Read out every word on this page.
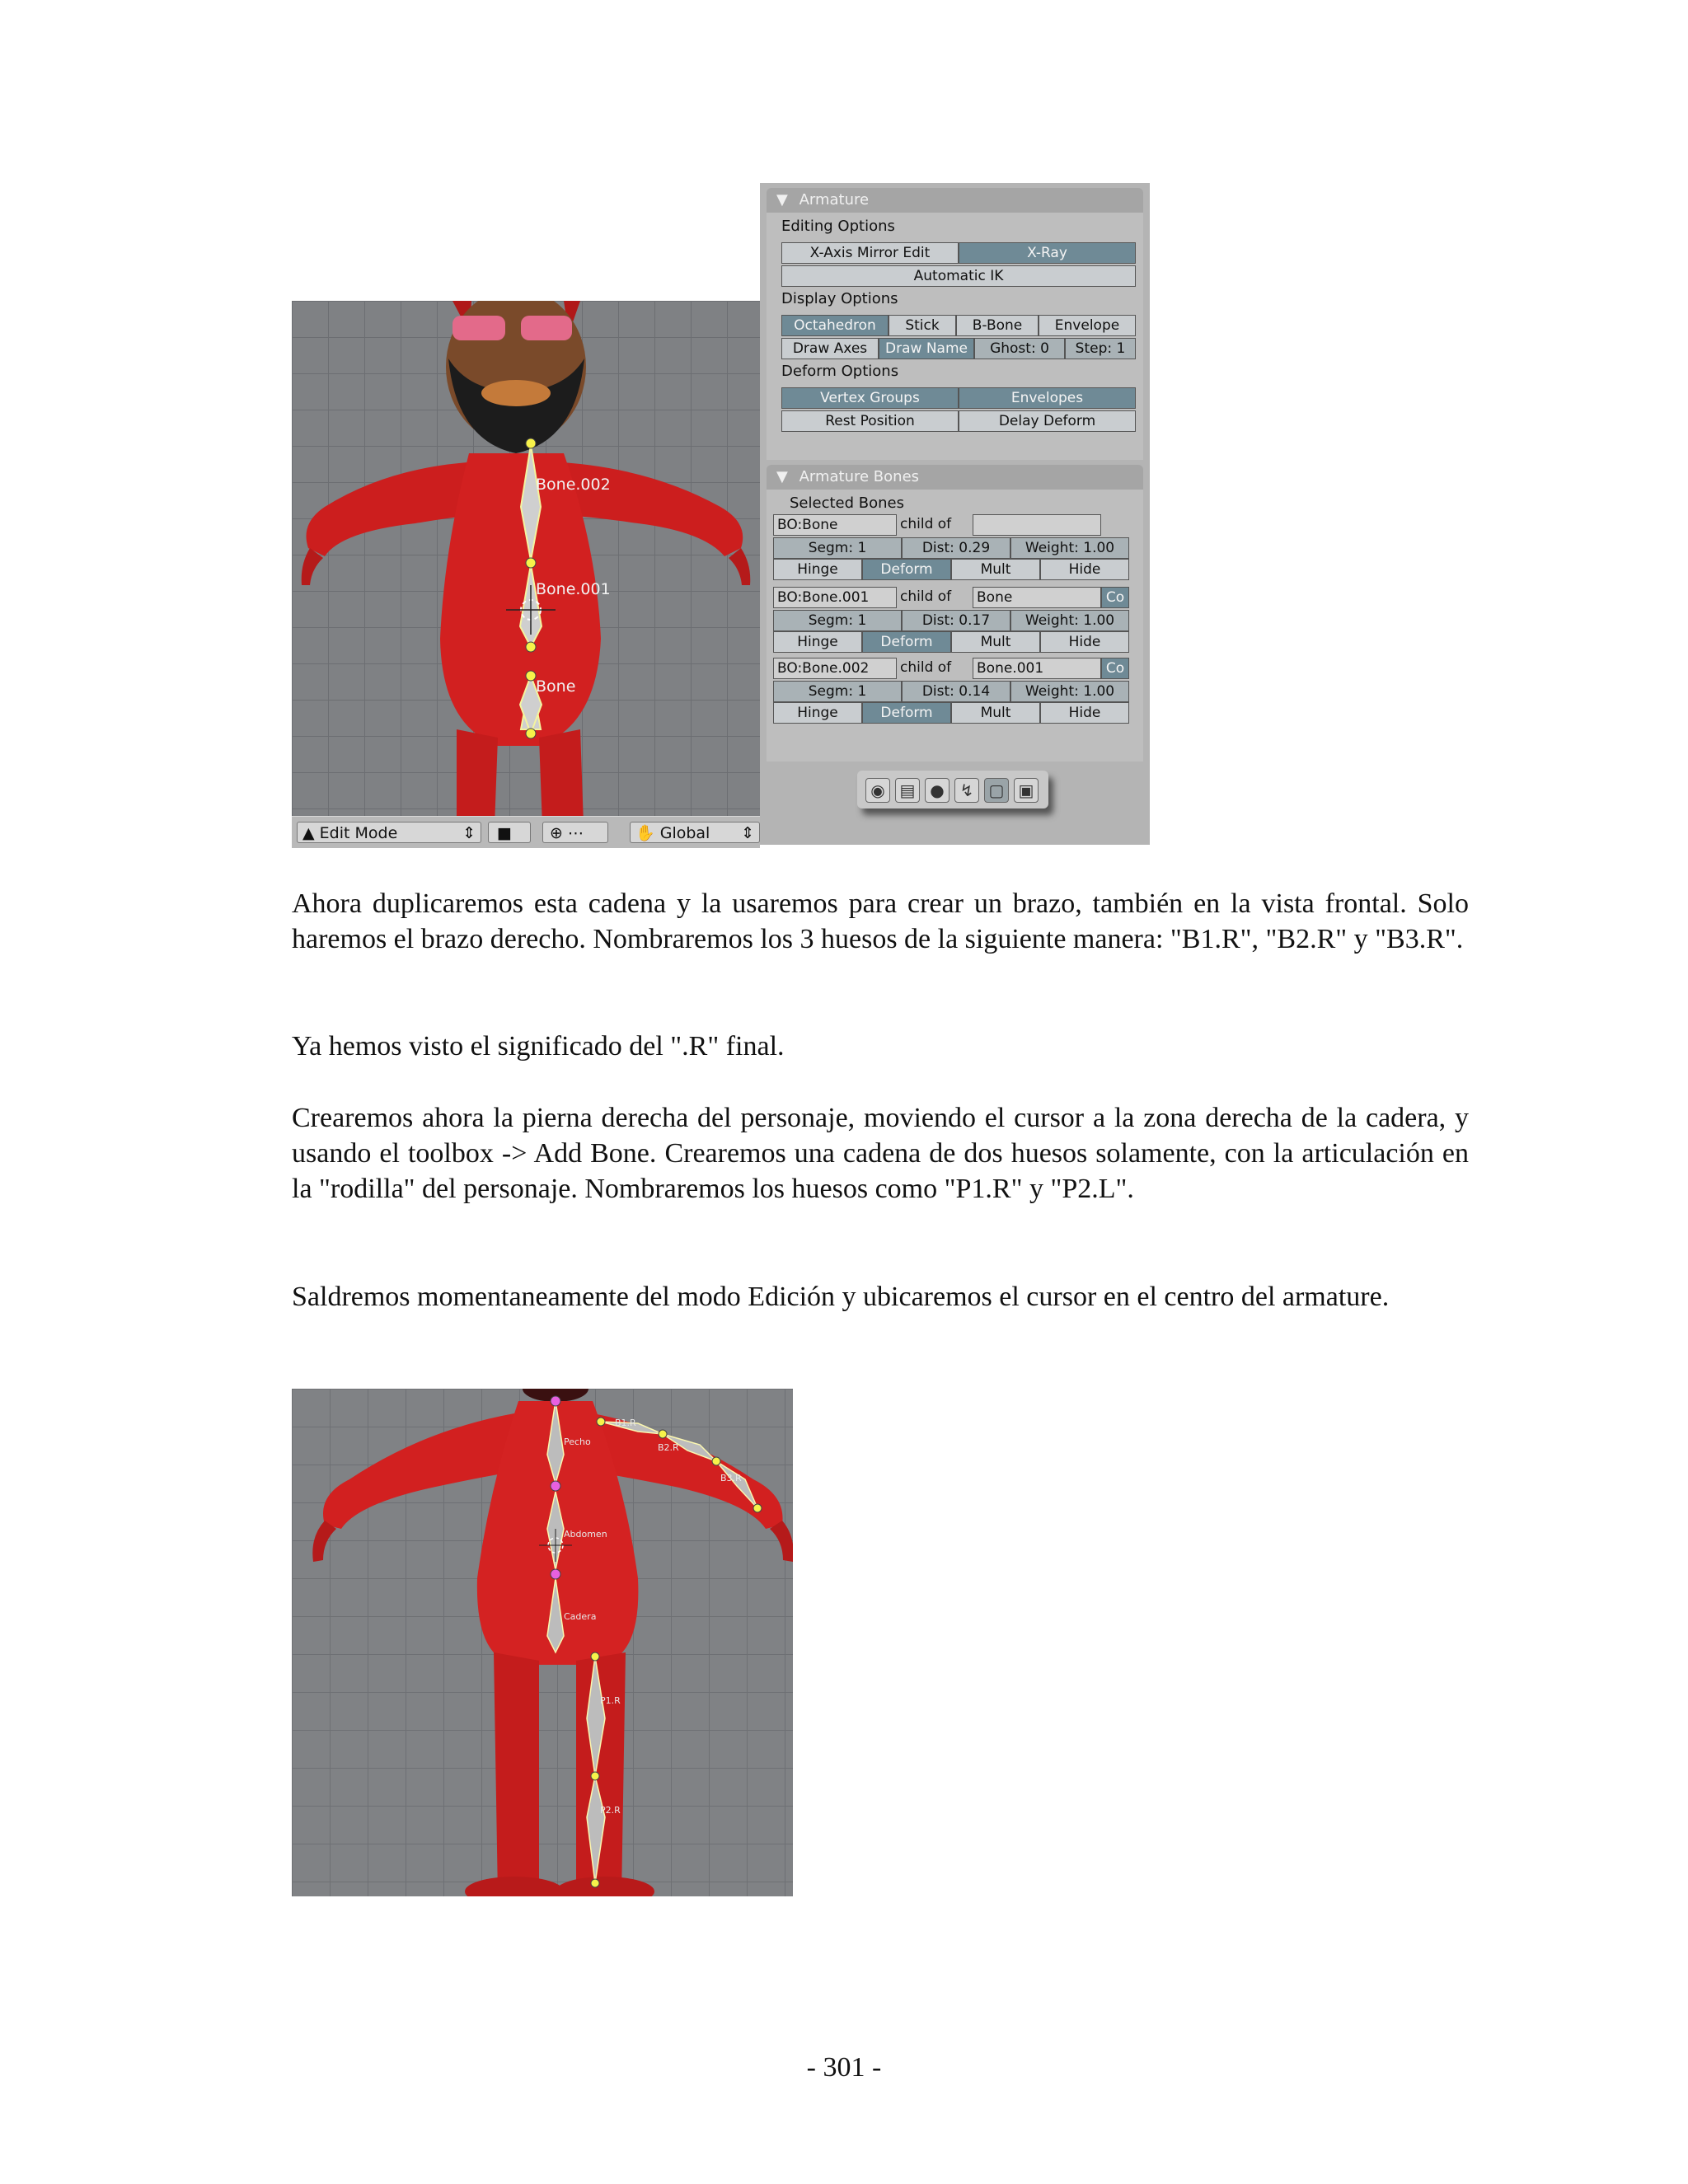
Bone.002
Bone.001
Bone
▲ Edit Mode	⇕	■	⊕ ⋯	✋ Global ⇕
▼ Armature
Editing Options
X-Axis Mirror Edit	X-Ray
Automatic IK
Display Options
Octahedron	Stick	B-Bone	Envelope
Draw Axes	Draw Name	Ghost: 0	Step: 1
Deform Options
Vertex Groups	Envelopes
Rest Position	Delay Deform
▼ Armature Bones
Selected Bones
BO:Bone	child of
Segm: 1	Dist: 0.29	Weight: 1.00
Hinge	Deform	Mult	Hide
BO:Bone.001	child of Bone	Co
Segm: 1	Dist: 0.17	Weight: 1.00
Hinge	Deform	Mult	Hide
BO:Bone.002	child of Bone.001	Co
Segm: 1	Dist: 0.14	Weight: 1.00
Hinge	Deform	Mult	Hide
◉ ▤ ● ↯ ▢ ▣

Ahora duplicaremos esta cadena y la usaremos para crear un brazo, también en la vista frontal. Solo haremos el brazo derecho. Nombraremos los 3 huesos de la siguiente manera: "B1.R", "B2.R" y "B3.R".

Ya hemos visto el significado del ".R" final.

Crearemos ahora la pierna derecha del personaje, moviendo el cursor a la zona derecha de la cadera, y usando el toolbox -> Add Bone. Crearemos una cadena de dos huesos solamente, con la articulación en la "rodilla" del personaje. Nombraremos los huesos como "P1.R" y "P2.L".

Saldremos momentaneamente del modo Edición y ubicaremos el cursor en el centro del armature.

Pecho
Abdomen
Cadera
B1.R
B2.R
B3.R
P1.R
P2.R
- 301 -
